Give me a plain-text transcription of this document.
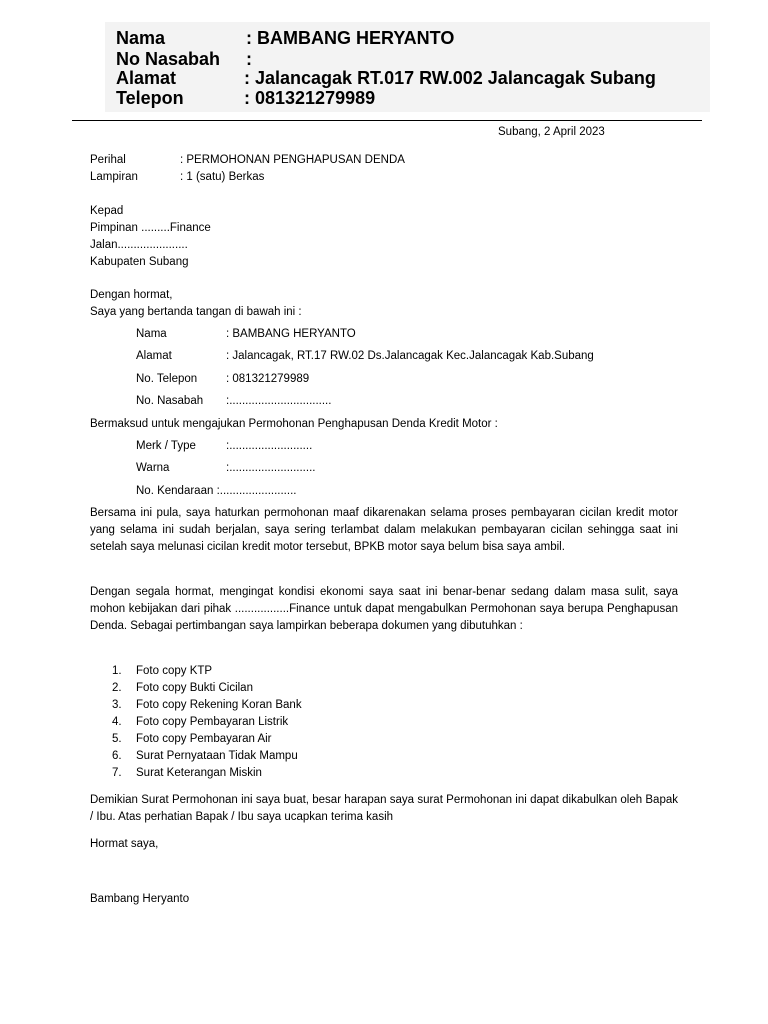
Nama	: BAMBANG HERYANTO
No Nasabah :
Alamat	: Jalancagak RT.017 RW.002 Jalancagak Subang
Telepon	: 081321279989
Subang, 2 April 2023
Perihal	: PERMOHONAN PENGHAPUSAN DENDA
Lampiran	: 1 (satu) Berkas
Kepad
Pimpinan .........Finance
Jalan......................
Kabupaten Subang
Dengan hormat,
Saya yang bertanda tangan di bawah ini :
Nama	: BAMBANG HERYANTO
Alamat	: Jalancagak, RT.17 RW.02 Ds.Jalancagak Kec.Jalancagak Kab.Subang
No. Telepon	: 081321279989
No. Nasabah :................................
Bermaksud untuk mengajukan Permohonan Penghapusan Denda Kredit Motor :
Merk / Type	:..........................
Warna	:...........................
No. Kendaraan :........................

Bersama ini pula, saya haturkan permohonan maaf dikarenakan selama proses pembayaran cicilan kredit motor yang selama ini sudah berjalan, saya sering terlambat dalam melakukan pembayaran cicilan sehingga saat ini setelah saya melunasi cicilan kredit motor tersebut, BPKB motor saya belum bisa saya ambil.

Dengan segala hormat, mengingat kondisi ekonomi saya saat ini benar-benar sedang dalam masa sulit, saya mohon kebijakan dari pihak .................Finance untuk dapat mengabulkan Permohonan saya berupa Penghapusan Denda. Sebagai pertimbangan saya lampirkan beberapa dokumen yang dibutuhkan :

1. Foto copy KTP
2. Foto copy Bukti Cicilan
3. Foto copy Rekening Koran Bank
4. Foto copy Pembayaran Listrik
5. Foto copy Pembayaran Air
6. Surat Pernyataan Tidak Mampu
7. Surat Keterangan Miskin

Demikian Surat Permohonan ini saya buat, besar harapan saya surat Permohonan ini dapat dikabulkan oleh Bapak / Ibu. Atas perhatian Bapak / Ibu saya ucapkan terima kasih

Hormat saya,
Bambang Heryanto
